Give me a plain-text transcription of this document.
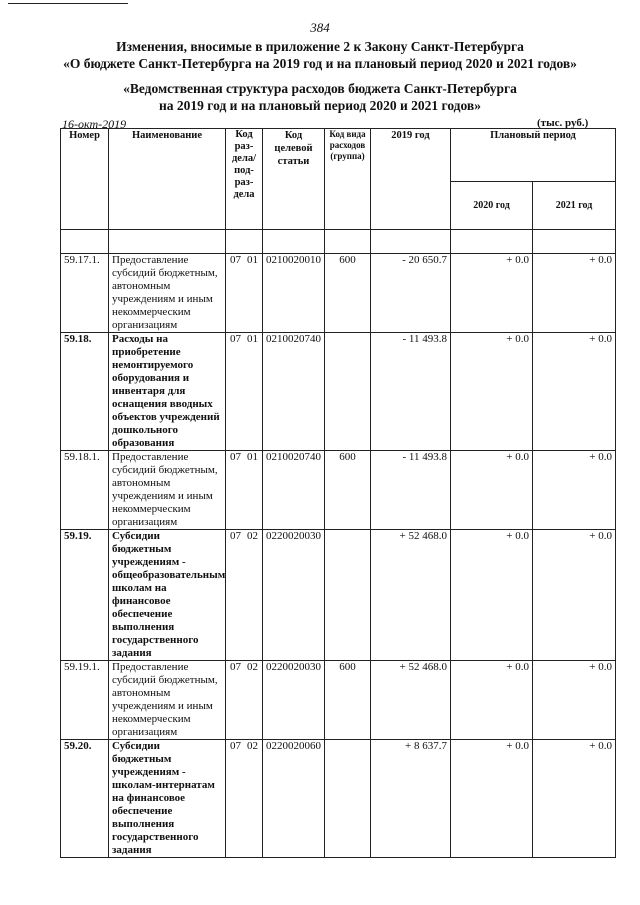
384
Изменения, вносимые в приложение 2 к Закону Санкт-Петербурга
«О бюджете Санкт-Петербурга на 2019 год и на плановый период 2020 и 2021 годов»
«Ведомственная структура расходов бюджета Санкт-Петербурга
на 2019 год и на плановый период 2020 и 2021 годов»
16-окт-2019	(тыс. руб.)
Номер	Наименование	Код раз- дела/ под- раз- дела	Код целевой статьи	Код вида расходов (группа)	2019 год	Плановый период	
						2020 год	2021 год

59.17.1.	Предоставление субсидий бюджетным, автономным учреждениям и иным некоммерческим организациям	07 01	0210020010	600	- 20 650.7	+ 0.0	+ 0.0
59.18.	Расходы на приобретение немонтируемого оборудования и инвентаря для оснащения вводных объектов учреждений дошкольного образования	07 01	0210020740		- 11 493.8	+ 0.0	+ 0.0
59.18.1.	Предоставление субсидий бюджетным, автономным учреждениям и иным некоммерческим организациям	07 01	0210020740	600	- 11 493.8	+ 0.0	+ 0.0
59.19.	Субсидии бюджетным учреждениям - общеобразовательным школам на финансовое обеспечение выполнения государственного задания	07 02	0220020030		+ 52 468.0	+ 0.0	+ 0.0
59.19.1.	Предоставление субсидий бюджетным, автономным учреждениям и иным некоммерческим организациям	07 02	0220020030	600	+ 52 468.0	+ 0.0	+ 0.0
59.20.	Субсидии бюджетным учреждениям - школам-интернатам на финансовое обеспечение выполнения государственного задания	07 02	0220020060		+ 8 637.7	+ 0.0	+ 0.0
